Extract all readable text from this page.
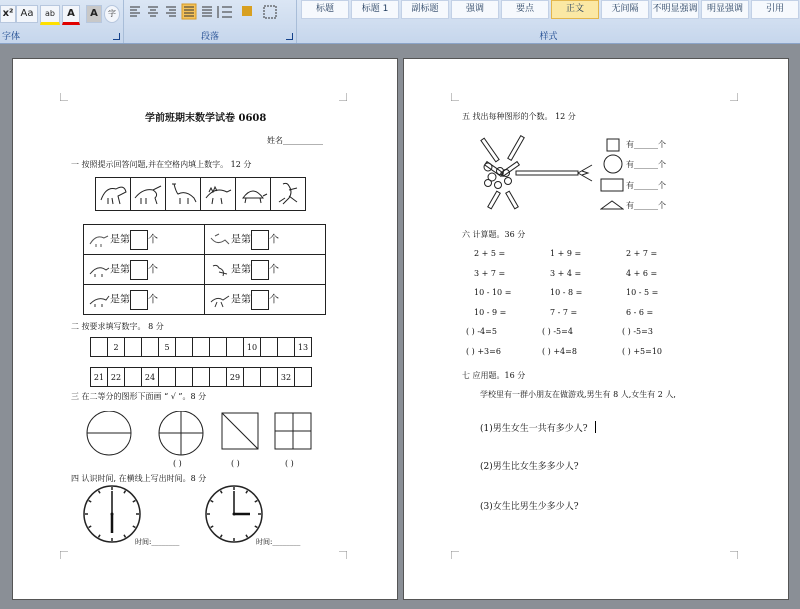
x² Aa	ab	A	A	字
字体	段落
标题	标题 1	副标题	强调	要点	正文	无间隔	不明显强调	明显强调	引用
样式
学前班期末数学试卷 0608
姓名__________
一 按照提示回答问题,并在空格内填上数字。 12 分

是第 个	是第 个
是第 个	是第 个
是第 个	是第 个
二 按要求填写数字。 8 分
	2			5					10			13
21	22		24					29			32	
三 在二等分的图形下面画 “ √ ”。8 分
( )	( )	( )
四 认识时间, 在横线上写出时间。8 分
时间:________	时间:________
五 找出每种图形的个数。 12 分
有______个
有______个
有______个
有______个
六 计算题。36 分
2 + 5 =	1 + 9 =	2 + 7 =
3 + 7 =	3 + 4 =	4 + 6 =
10 - 10 =	10 - 8 =	10 - 5 =
10 - 9 =	7 - 7 =	6 - 6 =
( ) -4=5	( ) -5=4	( ) -5=3
( ) +3=6	( ) +4=8	( ) +5=10
七 应用题。16 分
学校里有一群小朋友在做游戏,男生有 8 人,女生有 2 人,
(1)男生女生一共有多少人?
(2)男生比女生多多少人?
(3)女生比男生少多少人?
